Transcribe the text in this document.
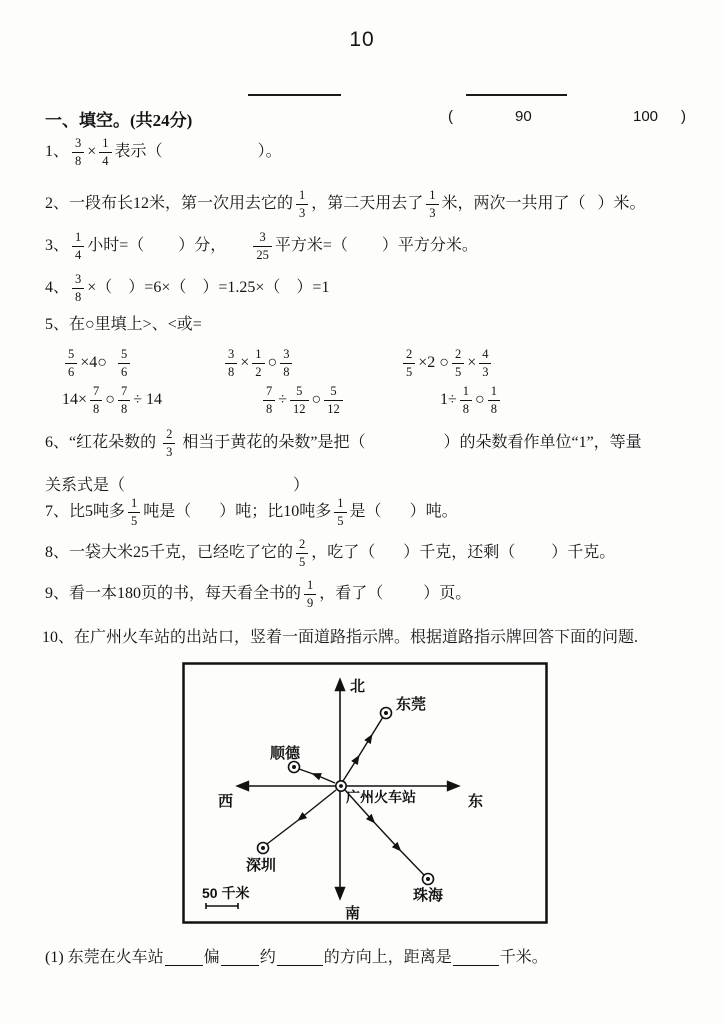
10
一、填空。(共24分)	(	90	100 )
1、 $\frac{3}{8} \times \frac{1}{4}$ 表示（	）。
2、一段布长12米，第一次用去它的 $\frac{1}{3}$ ，第二天用去了 $\frac{1}{3}$ 米，两次一共用了（ ）米。
3、 $\frac{1}{4}$ 小时=（ ）分， $\frac{3}{25}$ 平方米=（ ）平方分米。
4、 $\frac{3}{8}$ ×（ ）=6×（ ）=1.25×（ ）=1
5、在○里填上>、<或=
$\frac{5}{6}$ ×4○ $\frac{5}{6}$	$\frac{3}{8} \times \frac{1}{2}$ ○ $\frac{3}{8}$	$\frac{2}{5} \times 2$ ○ $\frac{2}{5} \times \frac{4}{3}$
$14\times \frac{7}{8}$ ○ $\frac{7}{8} \div 14$	$\frac{7}{8} \div \frac{5}{12}$ ○ $\frac{5}{12}$	$1\div \frac{1}{8}$ ○ $\frac{1}{8}$
6、“红花朵数的 $\frac{2}{3}$ 相当于黄花的朵数”是把（	）的朵数看作单位“1”，等量
关系式是（	）
7、比5吨多 $\frac{1}{5}$ 吨是（ ）吨；比10吨多 $\frac{1}{5}$ 是（ ）吨。
8、一袋大米25千克，已经吃了它的 $\frac{2}{5}$ ，吃了（ ）千克，还剩（ ）千克。
9、看一本180页的书，每天看全书的 $\frac{1}{9}$ ，看了（	）页。
10、在广州火车站的出站口，竖着一面道路指示牌。根据道路指示牌回答下面的问题.
北
南
西	东
东莞
顺德
深圳
珠海
广州火车站
50 千米
(1) 东莞在火车站	偏	约	的方向上，距离是	千米。
